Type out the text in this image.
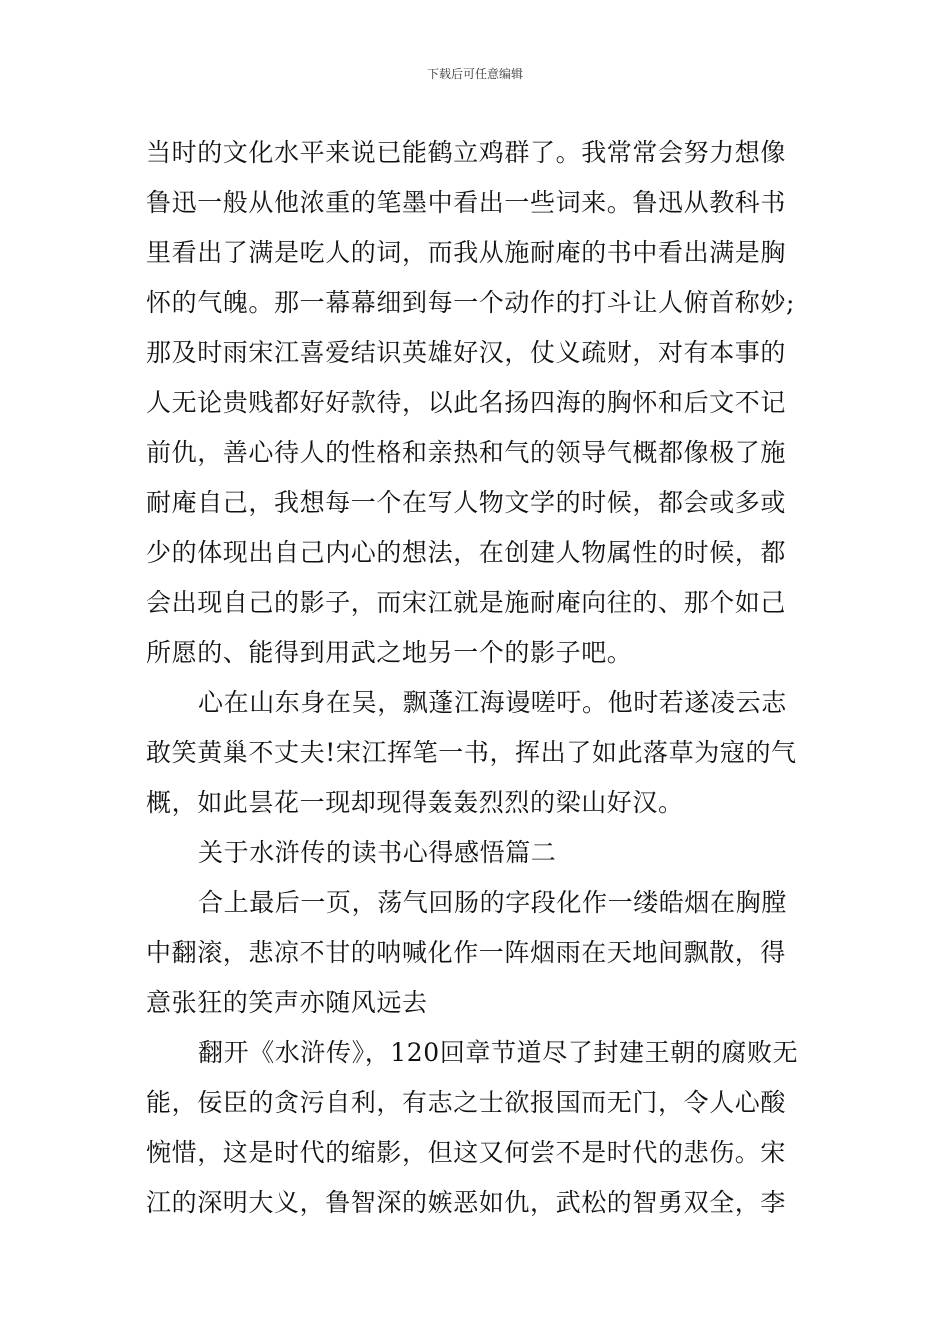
下载后可任意编辑
当时的文化水平来说已能鹤立鸡群了。我常常会努力想像
鲁迅一般从他浓重的笔墨中看出一些词来。鲁迅从教科书
里看出了满是吃人的词，而我从施耐庵的书中看出满是胸
怀的气魄。那一幕幕细到每一个动作的打斗让人俯首称妙;
那及时雨宋江喜爱结识英雄好汉，仗义疏财，对有本事的
人无论贵贱都好好款待，以此名扬四海的胸怀和后文不记
前仇，善心待人的性格和亲热和气的领导气概都像极了施
耐庵自己，我想每一个在写人物文学的时候，都会或多或
少的体现出自己内心的想法，在创建人物属性的时候，都
会出现自己的影子，而宋江就是施耐庵向往的、那个如己
所愿的、能得到用武之地另一个的影子吧。
心在山东身在吴，飘蓬江海谩嗟吁。他时若遂凌云志
敢笑黄巢不丈夫!宋江挥笔一书，挥出了如此落草为寇的气
概，如此昙花一现却现得轰轰烈烈的梁山好汉。
关于水浒传的读书心得感悟篇二
合上最后一页，荡气回肠的字段化作一缕皓烟在胸膛
中翻滚，悲凉不甘的呐喊化作一阵烟雨在天地间飘散，得
意张狂的笑声亦随风远去
翻开《水浒传》，120回章节道尽了封建王朝的腐败无
能，佞臣的贪污自利，有志之士欲报国而无门，令人心酸
惋惜，这是时代的缩影，但这又何尝不是时代的悲伤。宋
江的深明大义，鲁智深的嫉恶如仇，武松的智勇双全，李
